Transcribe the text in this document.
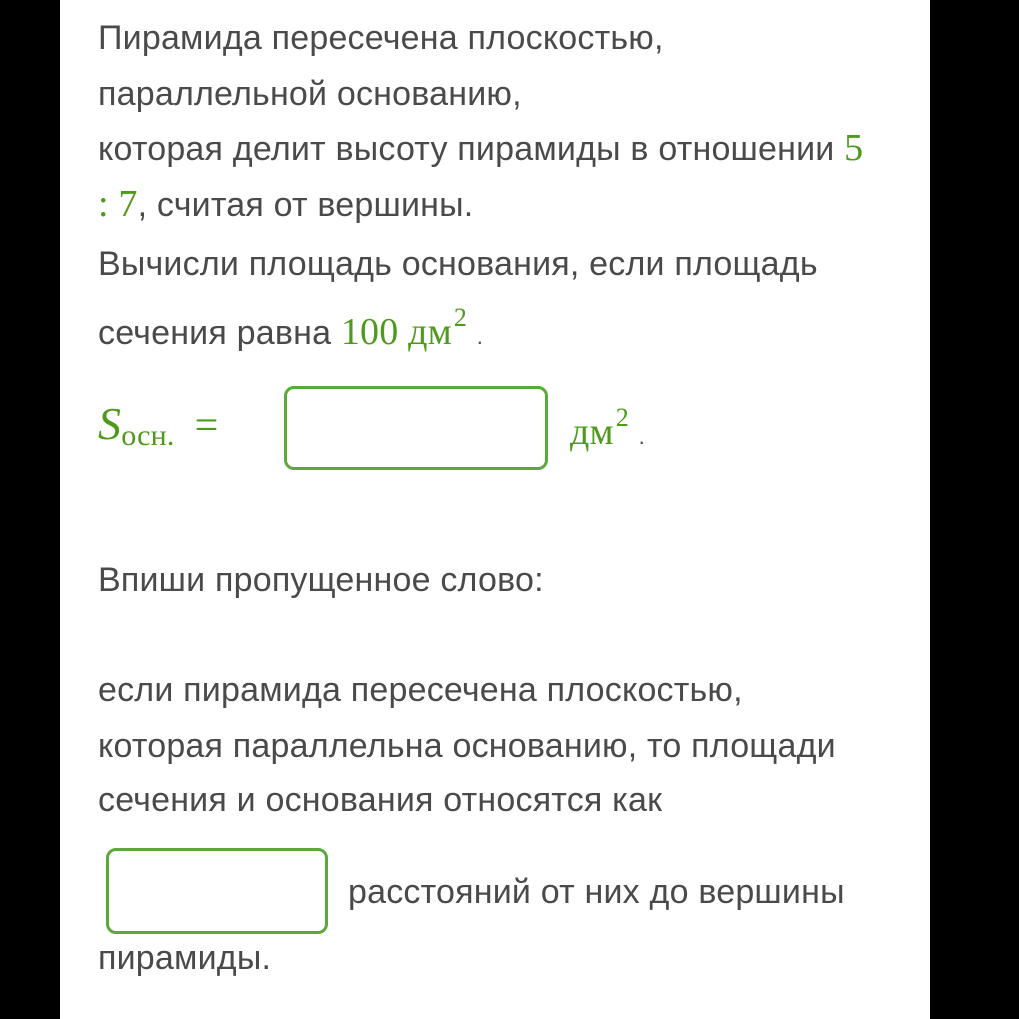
Пирамида пересечена плоскостью,

параллельной основанию,

которая делит высоту пирамиды в отношении 5

: 7, считая от вершины.

Вычисли площадь основания, если площадь

сечения равна 100 $дм^2$ .

Sосн. =	$дм^2$ .

Впиши пропущенное слово:

если пирамида пересечена плоскостью,

которая параллельна основанию, то площади

сечения и основания относятся как

расстояний от них до вершины

пирамиды.
